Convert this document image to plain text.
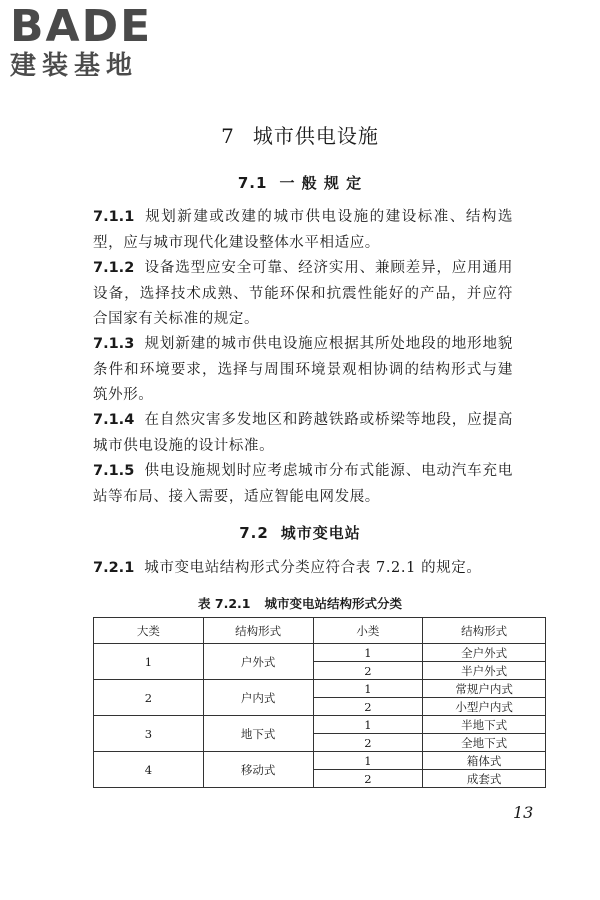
BADE
建装基地
7 城市供电设施
7.1 一 般 规 定
7.1.1 规划新建或改建的城市供电设施的建设标准、结构选型，应与城市现代化建设整体水平相适应。
7.1.2 设备选型应安全可靠、经济实用、兼顾差异，应用通用设备，选择技术成熟、节能环保和抗震性能好的产品，并应符合国家有关标准的规定。
7.1.3 规划新建的城市供电设施应根据其所处地段的地形地貌条件和环境要求，选择与周围环境景观相协调的结构形式与建筑外形。
7.1.4 在自然灾害多发地区和跨越铁路或桥梁等地段，应提高城市供电设施的设计标准。
7.1.5 供电设施规划时应考虑城市分布式能源、电动汽车充电站等布局、接入需要，适应智能电网发展。
7.2 城市变电站
7.2.1 城市变电站结构形式分类应符合表 7.2.1 的规定。
表 7.2.1 城市变电站结构形式分类
大类	结构形式	小类	结构形式
1	户外式	1	全户外式
		2	半户外式
2	户内式	1	常规户内式
		2	小型户内式
3	地下式	1	半地下式
		2	全地下式
4	移动式	1	箱体式
		2	成套式
13
